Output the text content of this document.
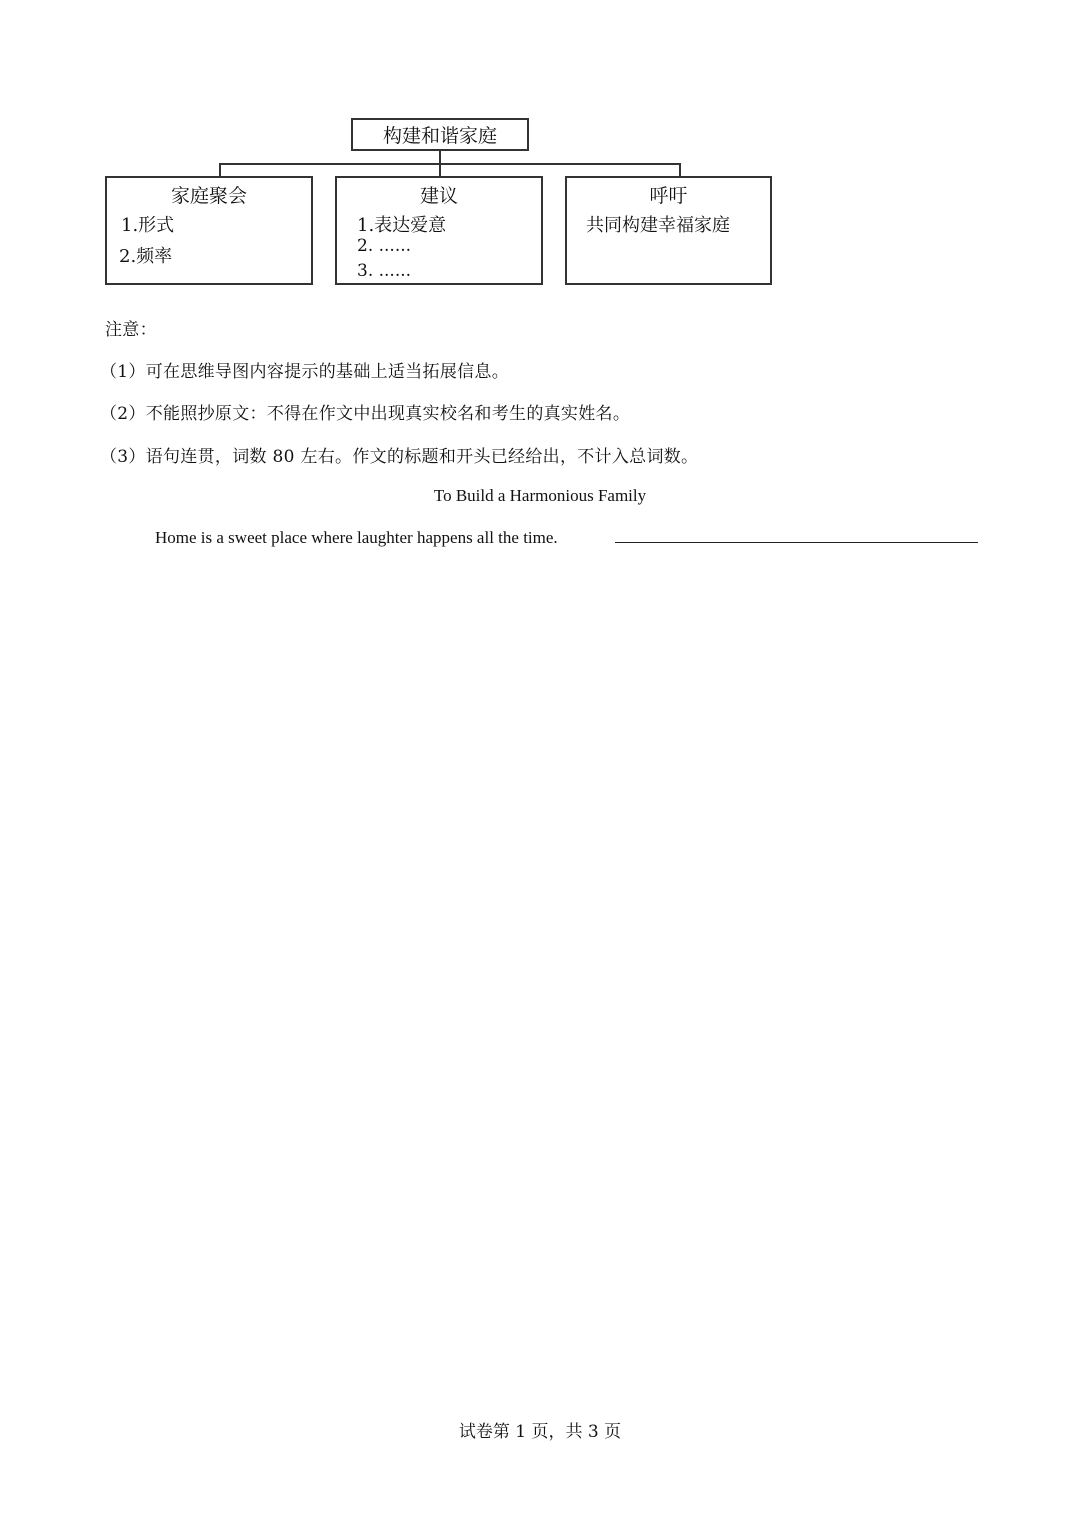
构建和谐家庭
家庭聚会
1.形式
2.频率
建议
1.表达爱意
2. ......
3. ......
呼吁
共同构建幸福家庭
注意：
（1）可在思维导图内容提示的基础上适当拓展信息。
（2）不能照抄原文：不得在作文中出现真实校名和考生的真实姓名。
（3）语句连贯，词数 80 左右。作文的标题和开头已经给出，不计入总词数。
To Build a Harmonious Family
Home is a sweet place where laughter happens all the time.
试卷第 1 页，共 3 页
